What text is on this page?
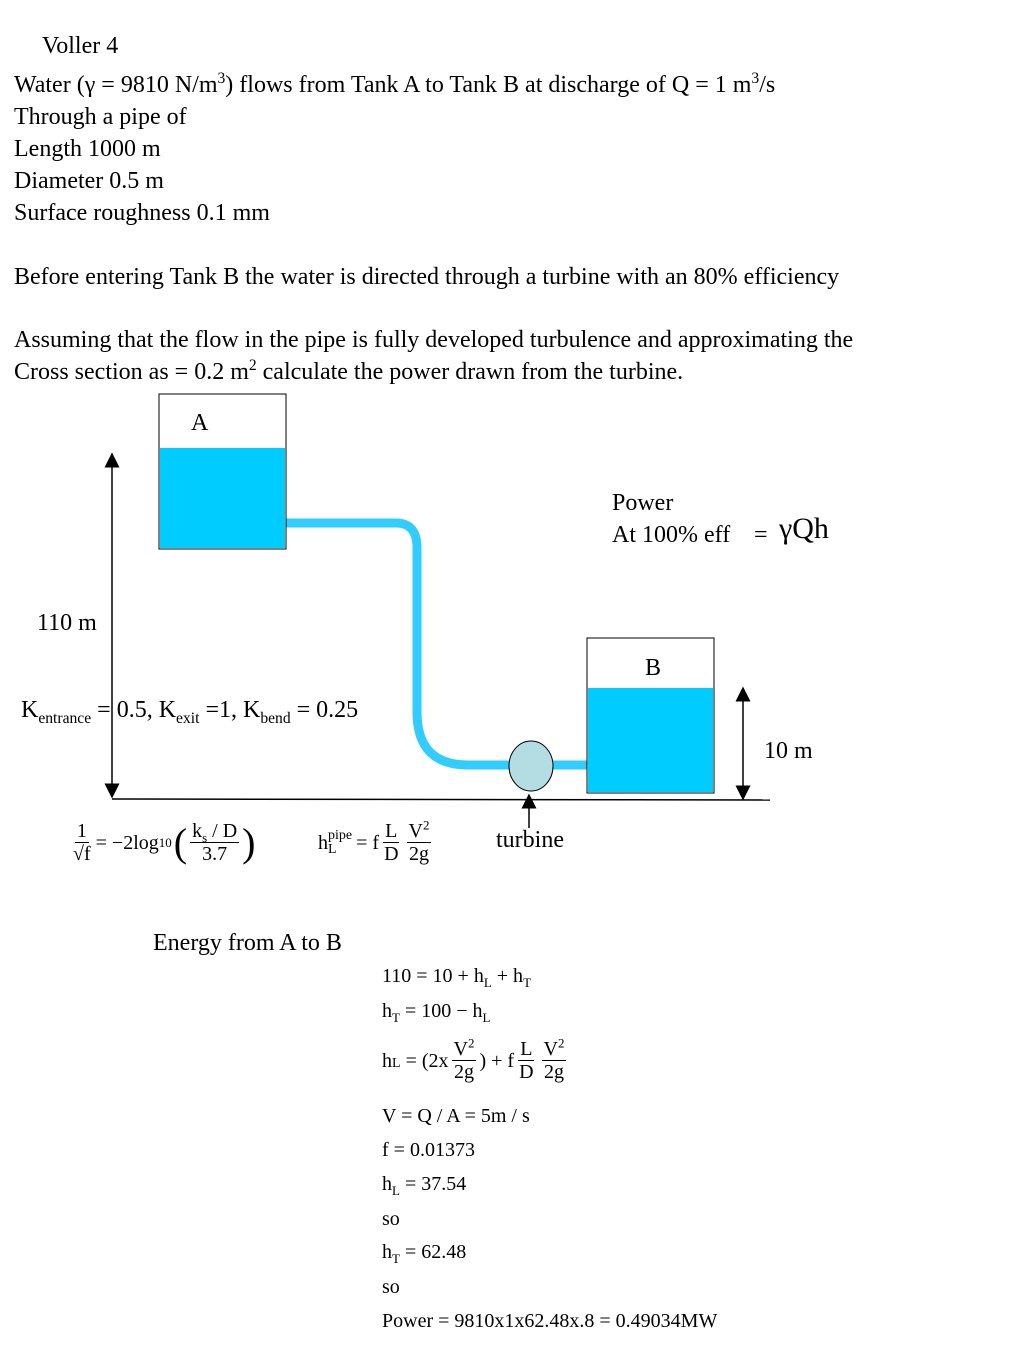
Voller 4
Water (γ = 9810 $N/m^3$) flows from Tank A to Tank B at discharge of Q = 1 $m^3/s$
Through a pipe of
Length 1000 m
Diameter 0.5 m
Surface roughness 0.1 mm
Before entering Tank B the water is directed through a turbine with an 80% efficiency
Assuming that the flow in the pipe is fully developed turbulence and approximating the
Cross section as = 0.2 $m^2$ calculate the power drawn from the turbine.
A
B
turbine
110 m
10 m
Power
At 100% eff = γQh
$K_{entrance} = 0.5$, $K_{exit} =1$, $K_{bend} = 0.25$
$\frac{1}{√f} = -2\log$ 10 ( $\frac{k_s / D}{3.7}$ )	h pipe
L = f $\frac{L}{D} \frac{V^2}{2g}$
Energy from A to B
$110 = 10 + h_L + h_T$
$h_T = 100 - h_L$
h $L = (2x \frac{V^2}{2g}$ ) + f $\frac{L}{D} \frac{V^2}{2g}$
V = Q / A = 5m / s
f = 0.01373
$h_L = 37.54$
so
$h_T = 62.48$
so
Power = 9810x1x62.48x.8 = 0.49034MW
